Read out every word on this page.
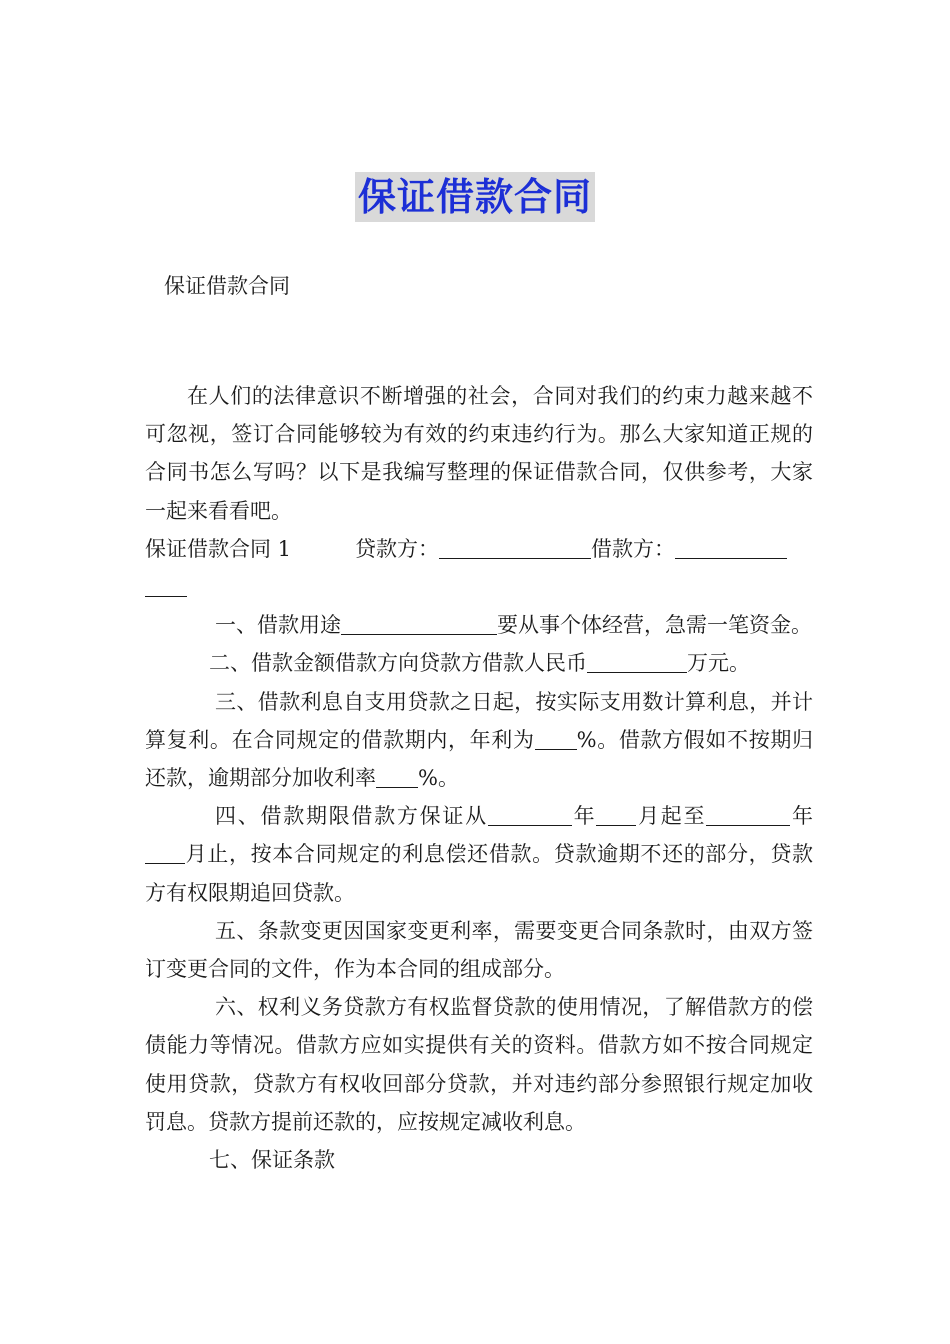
保证借款合同
保证借款合同

在人们的法律意识不断增强的社会，合同对我们的约束力越来越不可忽视，签订合同能够较为有效的约束违约行为。那么大家知道正规的合同书怎么写吗？以下是我编写整理的保证借款合同，仅供参考，大家一起来看看吧。

保证借款合同 1	贷款方：	借款方：

一、借款用途	要从事个体经营，急需一笔资金。

二、借款金额借款方向贷款方借款人民币	万元。

三、借款利息自支用贷款之日起，按实际支用数计算利息，并计算复利。在合同规定的借款期内，年利为 %。借款方假如不按期归还款，逾期部分加收利率 %。

四、借款期限借款方保证从	年 月起至	年月止，按本合同规定的利息偿还借款。贷款逾期不还的部分，贷款方有权限期追回贷款。

五、条款变更因国家变更利率，需要变更合同条款时，由双方签订变更合同的文件，作为本合同的组成部分。

六、权利义务贷款方有权监督贷款的使用情况，了解借款方的偿债能力等情况。借款方应如实提供有关的资料。借款方如不按合同规定使用贷款，贷款方有权收回部分贷款，并对违约部分参照银行规定加收罚息。贷款方提前还款的，应按规定减收利息。

七、保证条款
